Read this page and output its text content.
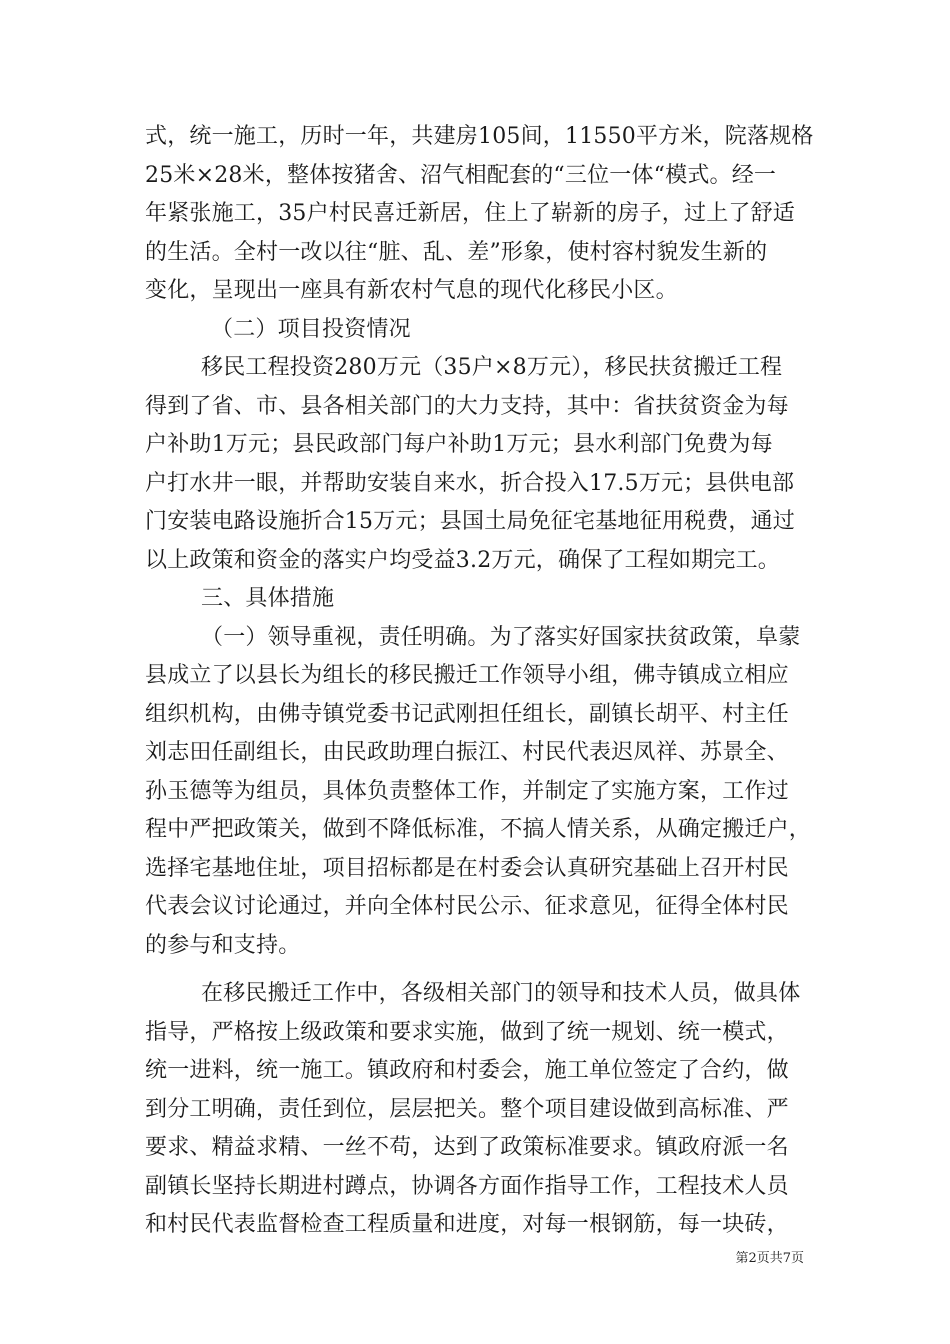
式，统一施工，历时一年，共建房105间，11550平方米，院落规格
25米×28米，整体按猪舍、沼气相配套的“三位一体“模式。经一
年紧张施工，35户村民喜迁新居，住上了崭新的房子，过上了舒适
的生活。全村一改以往“脏、乱、差”形象，使村容村貌发生新的
变化，呈现出一座具有新农村气息的现代化移民小区。
（二）项目投资情况
移民工程投资280万元（35户×8万元），移民扶贫搬迁工程
得到了省、市、县各相关部门的大力支持，其中：省扶贫资金为每
户补助1万元；县民政部门每户补助1万元；县水利部门免费为每
户打水井一眼，并帮助安装自来水，折合投入17.5万元；县供电部
门安装电路设施折合15万元；县国土局免征宅基地征用税费，通过
以上政策和资金的落实户均受益3.2万元，确保了工程如期完工。
三、具体措施
（一）领导重视，责任明确。为了落实好国家扶贫政策，阜蒙
县成立了以县长为组长的移民搬迁工作领导小组，佛寺镇成立相应
组织机构，由佛寺镇党委书记武刚担任组长，副镇长胡平、村主任
刘志田任副组长，由民政助理白振江、村民代表迟凤祥、苏景全、
孙玉德等为组员，具体负责整体工作，并制定了实施方案，工作过
程中严把政策关，做到不降低标准，不搞人情关系，从确定搬迁户，
选择宅基地住址，项目招标都是在村委会认真研究基础上召开村民
代表会议讨论通过，并向全体村民公示、征求意见，征得全体村民
的参与和支持。
在移民搬迁工作中，各级相关部门的领导和技术人员，做具体
指导，严格按上级政策和要求实施，做到了统一规划、统一模式，
统一进料，统一施工。镇政府和村委会，施工单位签定了合约，做
到分工明确，责任到位，层层把关。整个项目建设做到高标准、严
要求、精益求精、一丝不苟，达到了政策标准要求。镇政府派一名
副镇长坚持长期进村蹲点，协调各方面作指导工作，工程技术人员
和村民代表监督检查工程质量和进度，对每一根钢筋，每一块砖，
第2页共7页
